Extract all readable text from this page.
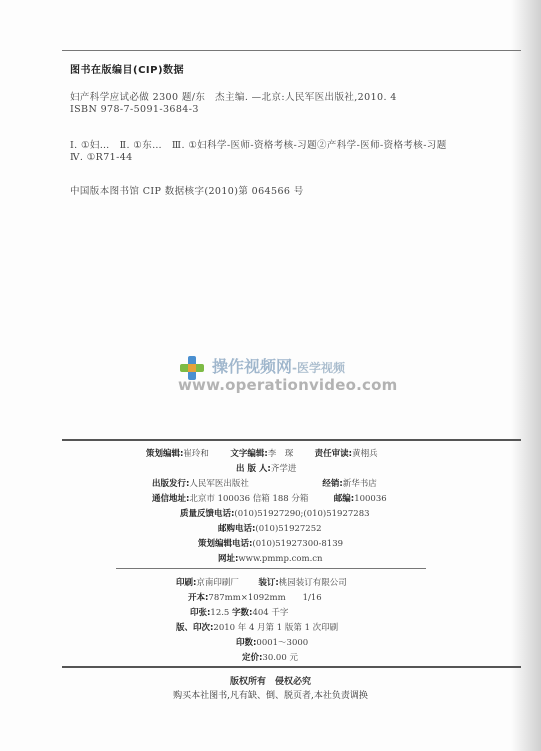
图书在版编目(CIP)数据
妇产科学应试必做 2300 题/东　杰主编. —北京:人民军医出版社,2010. 4
ISBN 978-7-5091-3684-3
Ⅰ. ①妇…　Ⅱ. ①东…　Ⅲ. ①妇科学-医师-资格考核-习题②产科学-医师-资格考核-习题
Ⅳ. ①R71-44
中国版本图书馆 CIP 数据核字(2010)第 064566 号
操作视频网-医学视频
www.operationvideo.com
策划编辑:崔玲和	文字编辑:李　琛	责任审读:黄栩兵
出 版 人:齐学进
出版发行:人民军医出版社	经销:新华书店
通信地址:北京市 100036 信箱 188 分箱	邮编:100036
质量反馈电话:(010)51927290;(010)51927283
邮购电话:(010)51927252
策划编辑电话:(010)51927300-8139
网址:www.pmmp.com.cn
印刷:京南印刷厂 装订:桃园装订有限公司
开本:787mm×1092mm　　1/16
印张:12.5 字数:404 千字
版、印次:2010 年 4 月第 1 版第 1 次印刷
印数:0001～3000
定价:30.00 元
版权所有　侵权必究
购买本社图书,凡有缺、倒、脱页者,本社负责调换
